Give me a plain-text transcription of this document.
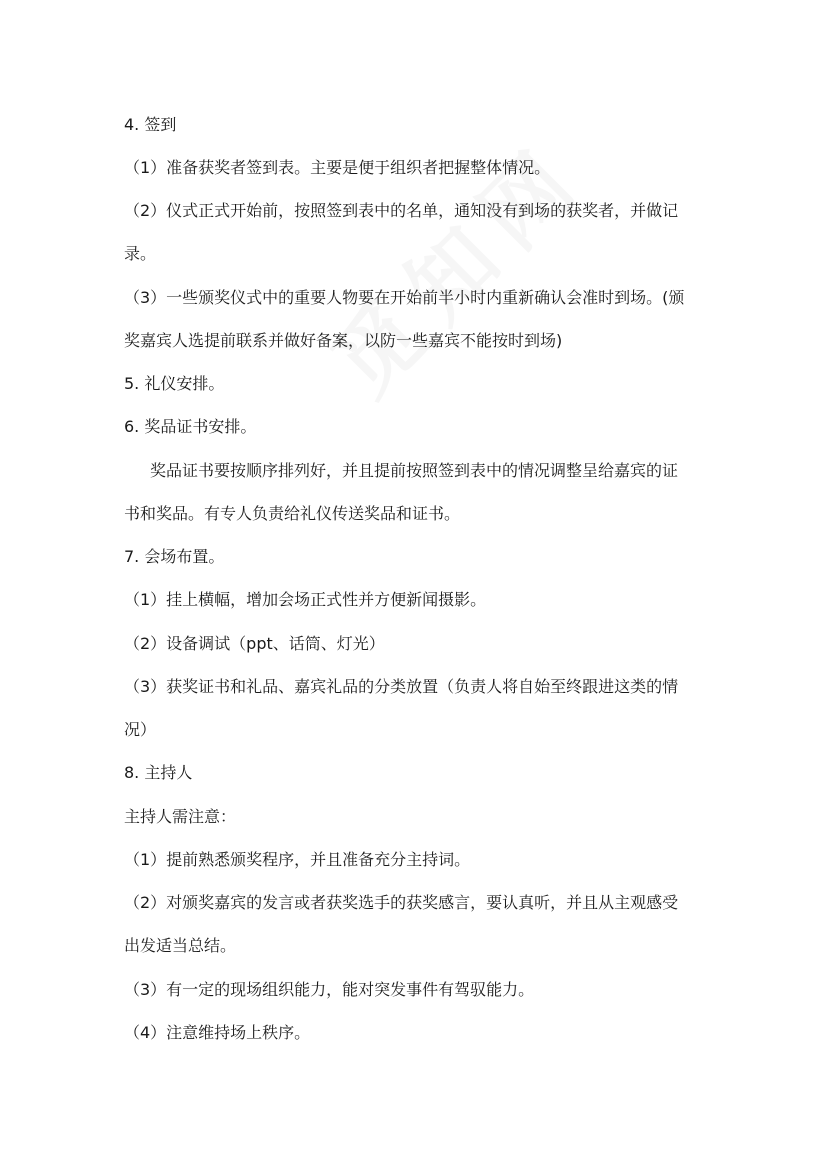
4. 签到
（1）准备获奖者签到表。主要是便于组织者把握整体情况。
（2）仪式正式开始前，按照签到表中的名单，通知没有到场的获奖者，并做记
录。
（3）一些颁奖仪式中的重要人物要在开始前半小时内重新确认会准时到场。(颁
奖嘉宾人选提前联系并做好备案，以防一些嘉宾不能按时到场)
5. 礼仪安排。
6. 奖品证书安排。
奖品证书要按顺序排列好，并且提前按照签到表中的情况调整呈给嘉宾的证
书和奖品。有专人负责给礼仪传送奖品和证书。
7. 会场布置。
（1）挂上横幅，增加会场正式性并方便新闻摄影。
（2）设备调试（ppt、话筒、灯光）
（3）获奖证书和礼品、嘉宾礼品的分类放置（负责人将自始至终跟进这类的情
况）
8. 主持人
主持人需注意：
（1）提前熟悉颁奖程序，并且准备充分主持词。
（2）对颁奖嘉宾的发言或者获奖选手的获奖感言，要认真听，并且从主观感受
出发适当总结。
（3）有一定的现场组织能力，能对突发事件有驾驭能力。
（4）注意维持场上秩序。
